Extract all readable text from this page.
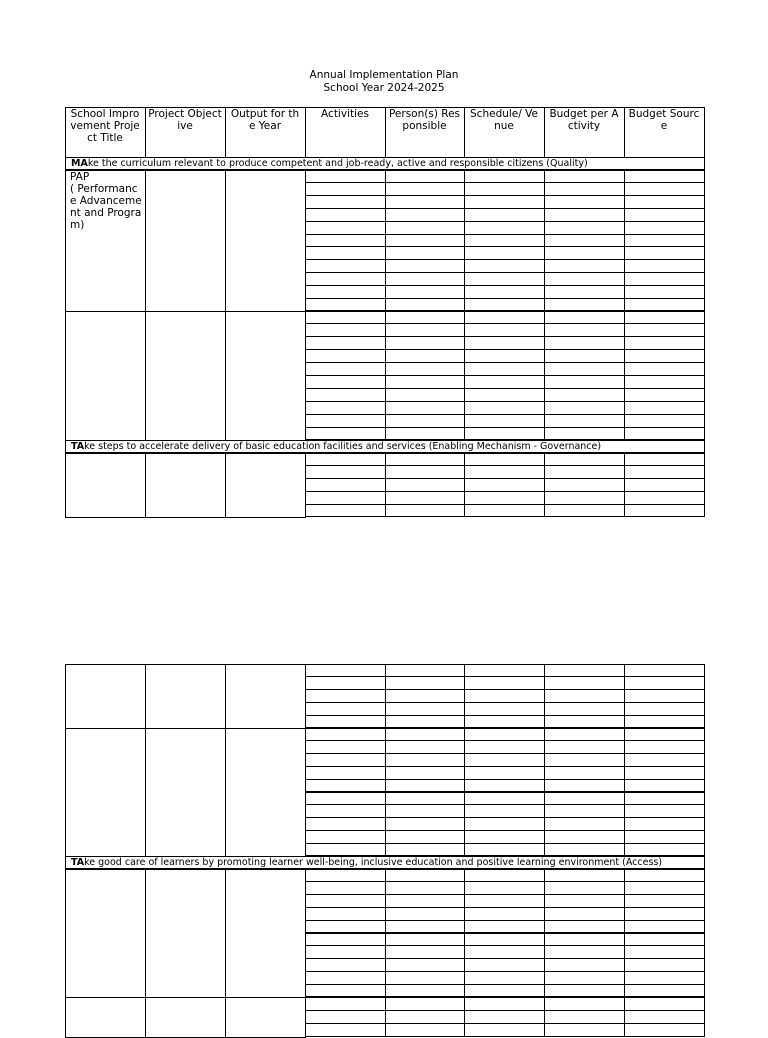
Annual Implementation Plan
School Year 2024-2025
School Improvement Project Title
Project Objective
Output for the Year
Activities	Person(s) Responsible
Schedule/ Venue
Budget per Activity
Budget Source
MAke the curriculum relevant to produce competent and job-ready, active and responsible citizens (Quality)
PAP
( Performance Advancement and Program)
TAke steps to accelerate delivery of basic education facilities and services (Enabling Mechanism - Governance)
TAke good care of learners by promoting learner well-being, inclusive education and positive learning environment (Access)
